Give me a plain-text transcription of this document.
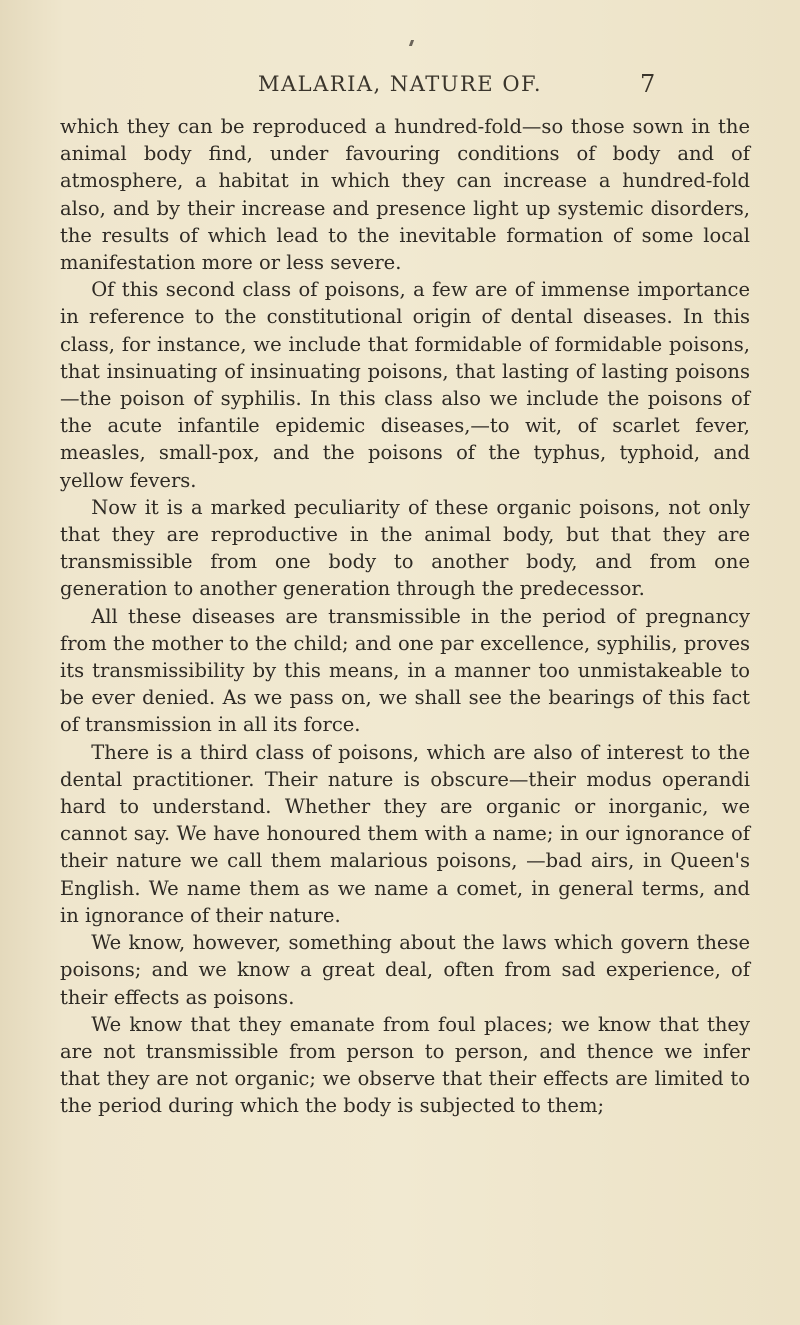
MALARIA, NATURE OF.	7

which they can be reproduced a hundred-fold—so those sown in the animal body find, under favouring conditions of body and of atmosphere, a habitat in which they can increase a hundred-fold also, and by their increase and presence light up systemic disorders, the results of which lead to the inevitable formation of some local manifestation more or less severe.

Of this second class of poisons, a few are of immense importance in reference to the constitutional origin of dental diseases. In this class, for instance, we include that formidable of formidable poisons, that insinuating of insinuating poisons, that lasting of lasting poisons—the poison of syphilis. In this class also we include the poisons of the acute infantile epidemic diseases,—to wit, of scarlet fever, measles, small-pox, and the poisons of the typhus, typhoid, and yellow fevers.

Now it is a marked peculiarity of these organic poisons, not only that they are reproductive in the animal body, but that they are transmissible from one body to another body, and from one generation to another generation through the predecessor.

All these diseases are transmissible in the period of pregnancy from the mother to the child; and one par excellence, syphilis, proves its transmissibility by this means, in a manner too unmistakeable to be ever denied. As we pass on, we shall see the bearings of this fact of transmission in all its force.

There is a third class of poisons, which are also of interest to the dental practitioner. Their nature is obscure—their modus operandi hard to understand. Whether they are organic or inorganic, we cannot say. We have honoured them with a name; in our ignorance of their nature we call them malarious poisons, —bad airs, in Queen's English. We name them as we name a comet, in general terms, and in ignorance of their nature.

We know, however, something about the laws which govern these poisons; and we know a great deal, often from sad experience, of their effects as poisons.

We know that they emanate from foul places; we know that they are not transmissible from person to person, and thence we infer that they are not organic; we observe that their effects are limited to the period during which the body is subjected to them;
